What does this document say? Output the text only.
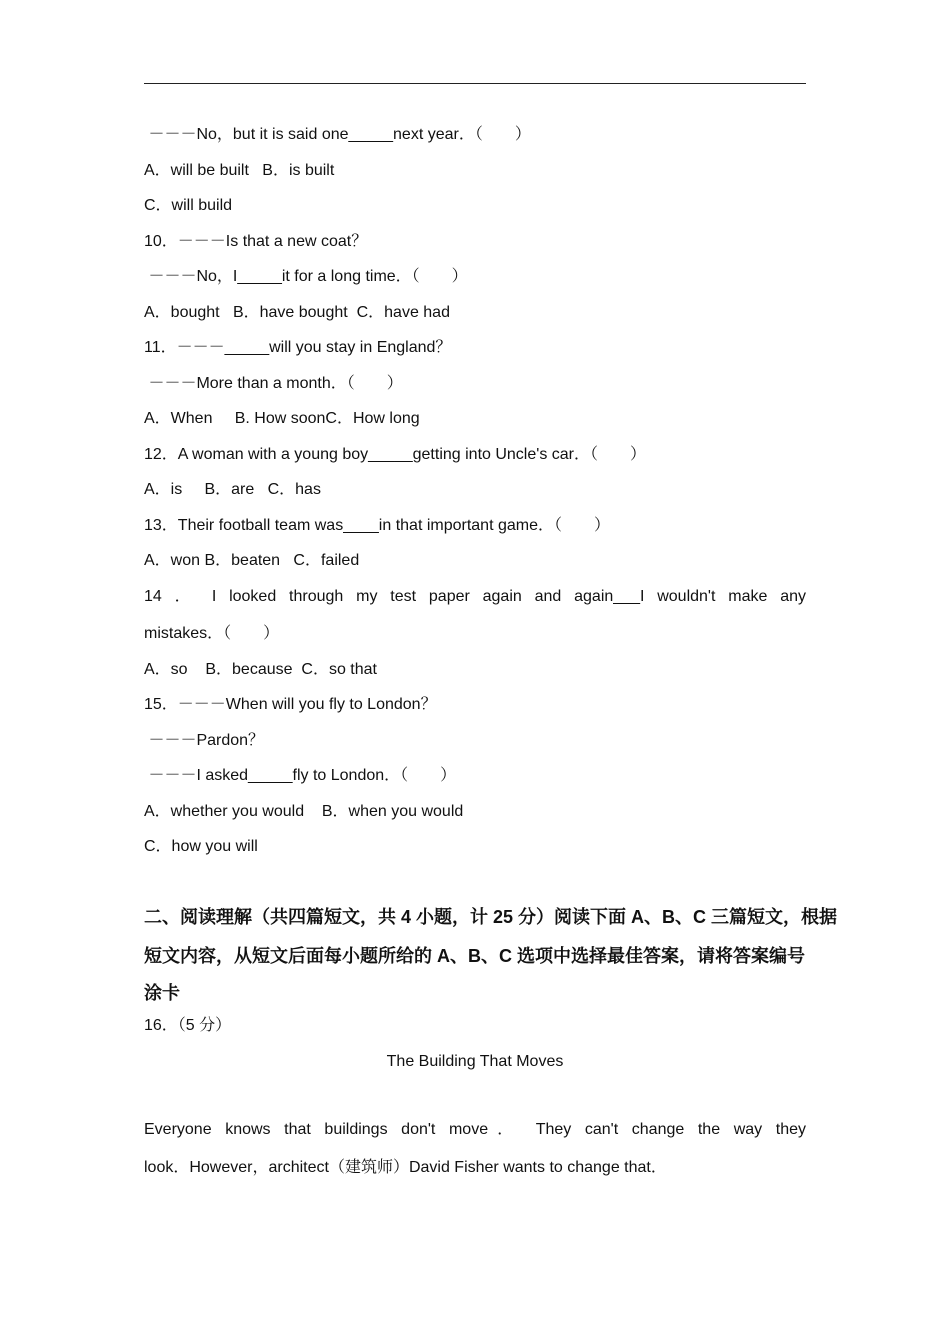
－－－No，but it is said one_____next year．（　　）
A．will be built   B．is built
C．will build
10．－－－Is that a new coat？
－－－No，I_____it for a long time．（　　）
A．bought   B．have bought  C．have had
11．－－－_____will you stay in England？
－－－More than a month．（　　）
A．When     B. How soonC．How long
12．A woman with a young boy_____getting into Uncle's car．（　　）
A．is     B．are   C．has
13．Their football team was____in that important game．（　　）
A．won B．beaten   C．failed
14 ． I looked through my test paper again and again___I wouldn't make any
mistakes．（　　）
A．so    B．because  C．so that
15．－－－When will you fly to London？
－－－Pardon？
－－－I asked_____fly to London．（　　）
A．whether you would    B．when you would
C．how you will
二、阅读理解（共四篇短文，共 4 小题，计 25 分）阅读下面 A、B、C 三篇短文，根据
短文内容，从短文后面每小题所给的 A、B、C 选项中选择最佳答案，请将答案编号
涂卡
16．（5 分）
The Building That Moves
Everyone knows that buildings don't move． They can't change the way they
look．However，architect（建筑师）David Fisher wants to change that．
